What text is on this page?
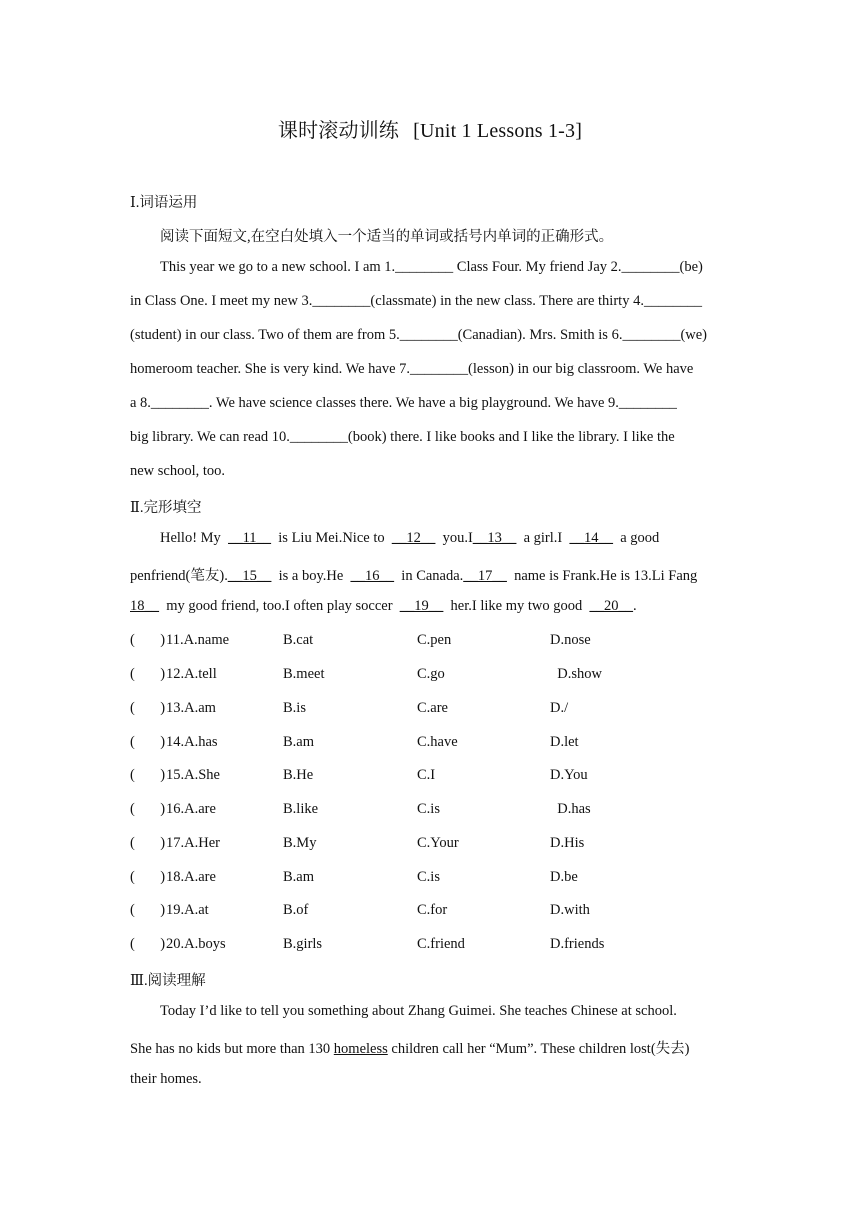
课时滚动训练 [Unit 1 Lessons 1-3]
Ⅰ.词语运用
阅读下面短文,在空白处填入一个适当的单词或括号内单词的正确形式。
This year we go to a new school. I am 1.________ Class Four. My friend Jay 2.________(be)
in Class One. I meet my new 3.________(classmate) in the new class. There are thirty 4.________
(student) in our class. Two of them are from 5.________(Canadian). Mrs. Smith is 6.________(we)
homeroom teacher. She is very kind. We have 7.________(lesson) in our big classroom. We have
a 8.________. We have science classes there. We have a big playground. We have 9.________
big library. We can read 10.________(book) there. I like books and I like the library. I like the
new school, too.
Ⅱ.完形填空
Hello! My  __11__  is Liu Mei.Nice to  __12__  you.I__13__  a girl.I  __14__  a good
penfriend(笔友).__15__  is a boy.He  __16__  in Canada.__17__  name is Frank.He is 13.Li Fang
18__  my good friend, too.I often play soccer  __19__  her.I like my two good  __20__.
(       ) 11.A.name	B.cat	C.pen	D.nose
(       ) 12.A.tell	B.meet	C.go	D.show
(       ) 13.A.am	B.is	C.are	D./
(       ) 14.A.has	B.am	C.have	D.let
(       ) 15.A.She	B.He	C.I	D.You
(       ) 16.A.are	B.like	C.is	D.has
(       ) 17.A.Her	B.My	C.Your	D.His
(       ) 18.A.are	B.am	C.is	D.be
(       ) 19.A.at	B.of	C.for	D.with
(       ) 20.A.boys	B.girls	C.friend	D.friends
Ⅲ.阅读理解
Today I’d like to tell you something about Zhang Guimei. She teaches Chinese at school.
She has no kids but more than 130 homeless children call her “Mum”. These children lost(失去)
their homes.
